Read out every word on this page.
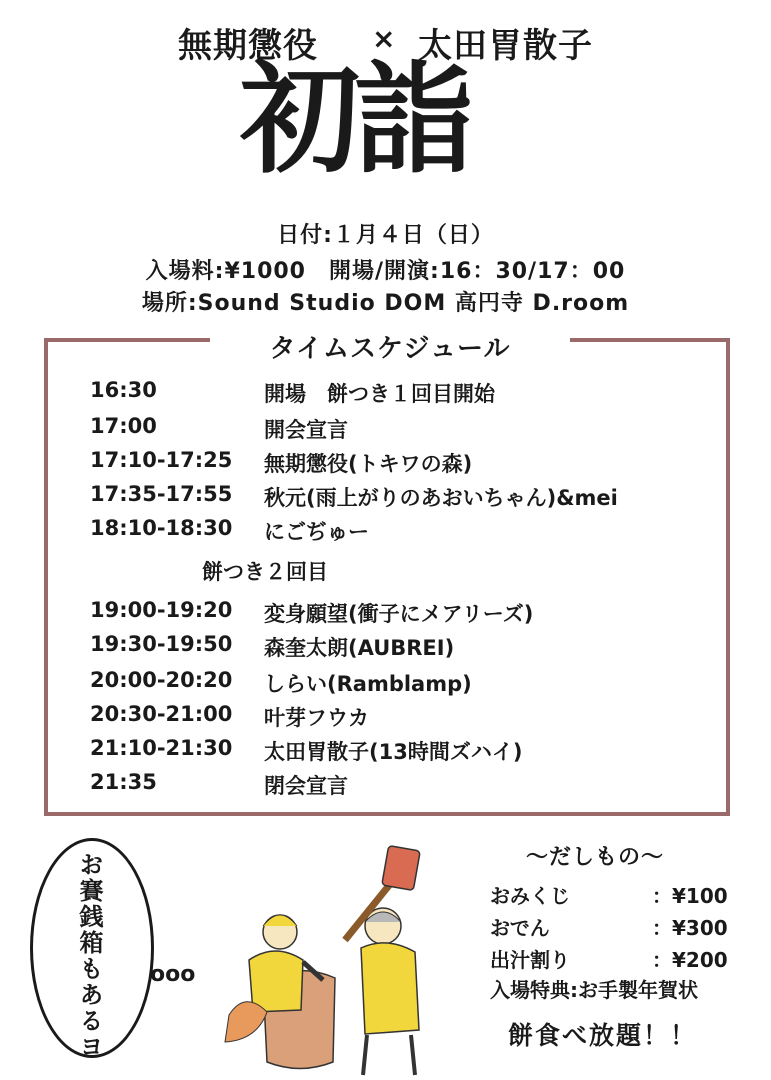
無期懲役 × 太田胃散子
初詣
日付:１月４日（日）
入場料:¥1000　開場/開演:16：30/17：00
場所:Sound Studio DOM 高円寺 D.room
タイムスケジュール
16:30	開場　餅つき１回目開始
17:00	開会宣言
17:10-17:25 無期懲役(トキワの森)
17:35-17:55 秋元(雨上がりのあおいちゃん)&mei
18:10-18:30 にごぢゅー
餅つき２回目
19:00-19:20 変身願望(衝子にメアリーズ)
19:30-19:50 森奎太朗(AUBREI)
20:00-20:20 しらい(Ramblamp)
20:30-21:00 叶芽フウカ
21:10-21:30 太田胃散子(13時間ズハイ)
21:35	閉会宣言
お賽銭箱もあるヨ ooo
～だしもの～
おみくじ	：¥100
おでん	：¥300
出汁割り	：¥200
入場特典:お手製年賀状
餅食べ放題！！
